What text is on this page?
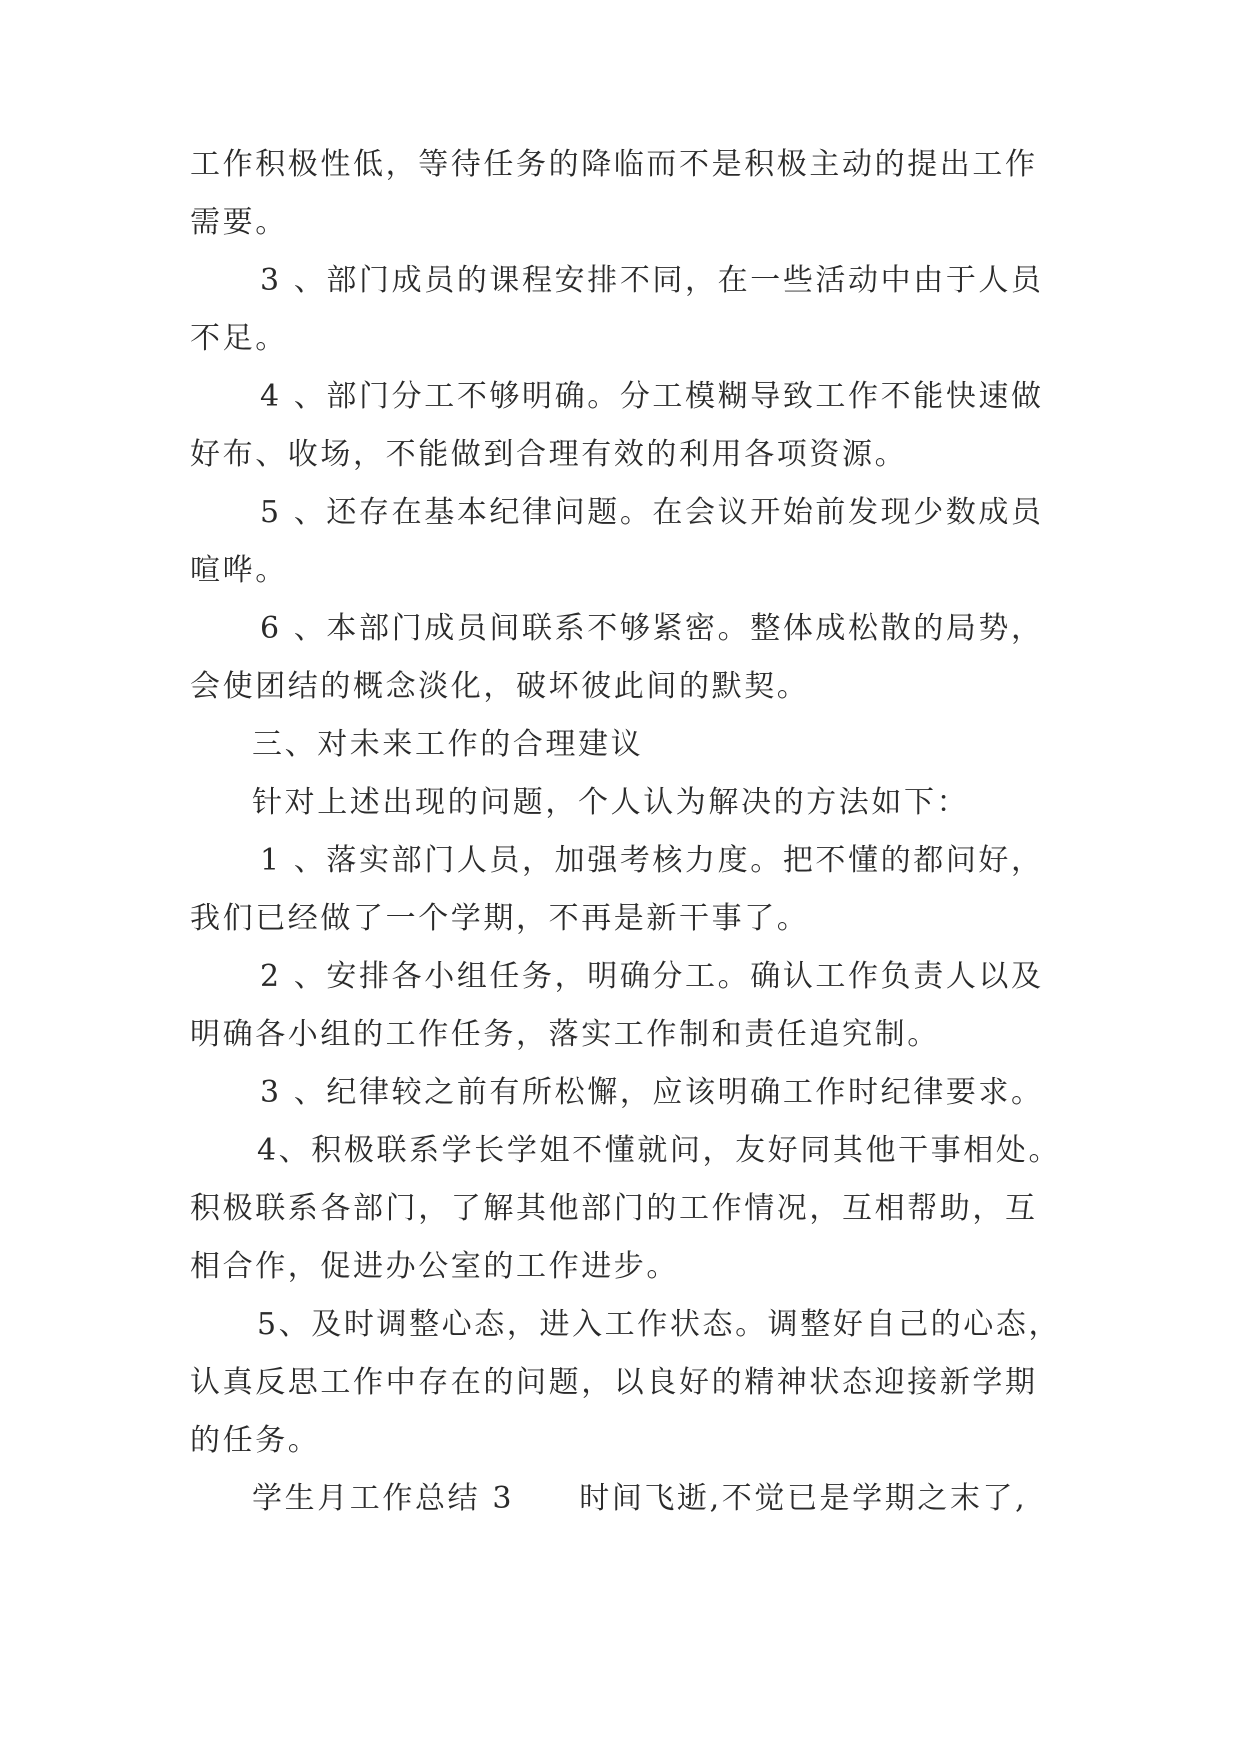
工作积极性低，等待任务的降临而不是积极主动的提出工作
需要。
3 、部门成员的课程安排不同，在一些活动中由于人员
不足。
4 、部门分工不够明确。分工模糊导致工作不能快速做
好布、收场，不能做到合理有效的利用各项资源。
5 、还存在基本纪律问题。在会议开始前发现少数成员
喧哗。
6 、本部门成员间联系不够紧密。整体成松散的局势，
会使团结的概念淡化，破坏彼此间的默契。
三、对未来工作的合理建议
针对上述出现的问题，个人认为解决的方法如下：
1 、落实部门人员，加强考核力度。把不懂的都问好，
我们已经做了一个学期，不再是新干事了。
2 、安排各小组任务，明确分工。确认工作负责人以及
明确各小组的工作任务，落实工作制和责任追究制。
3 、纪律较之前有所松懈，应该明确工作时纪律要求。
4、积极联系学长学姐不懂就问，友好同其他干事相处。
积极联系各部门，了解其他部门的工作情况，互相帮助，互
相合作，促进办公室的工作进步。
5、及时调整心态，进入工作状态。调整好自己的心态，
认真反思工作中存在的问题，以良好的精神状态迎接新学期
的任务。
学生月工作总结 3　　时间飞逝,不觉已是学期之末了,
